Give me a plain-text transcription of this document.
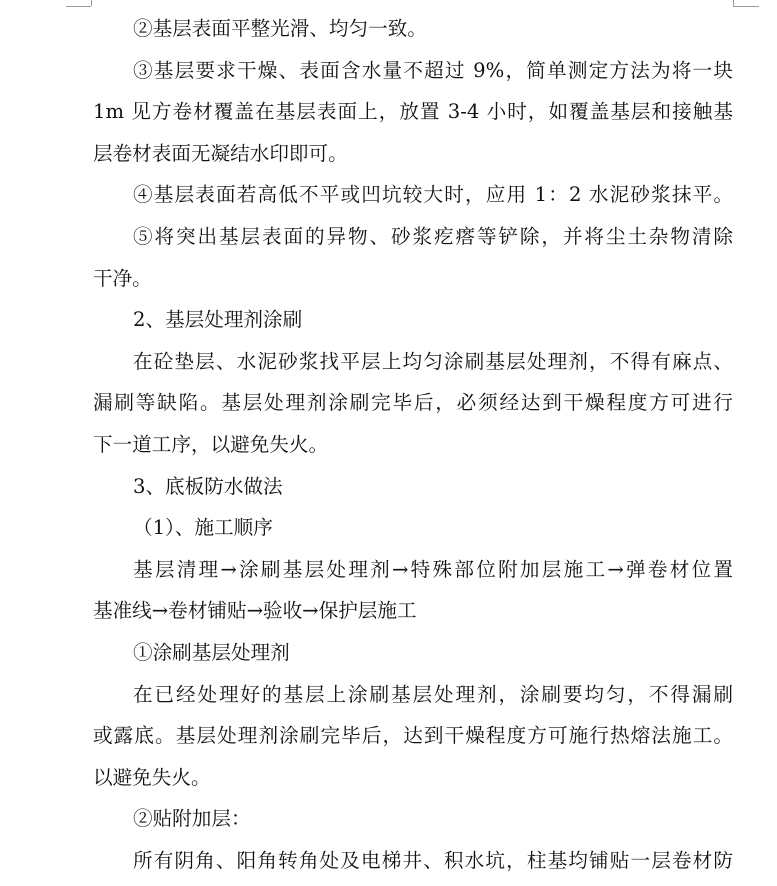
②基层表面平整光滑、均匀一致。
③基层要求干燥、表面含水量不超过 9%，简单测定方法为将一块
1m 见方卷材覆盖在基层表面上，放置 3-4 小时，如覆盖基层和接触基
层卷材表面无凝结水印即可。
④基层表面若高低不平或凹坑较大时，应用 1：2 水泥砂浆抹平。
⑤将突出基层表面的异物、砂浆疙瘩等铲除，并将尘土杂物清除
干净。
2、基层处理剂涂刷
在砼垫层、水泥砂浆找平层上均匀涂刷基层处理剂，不得有麻点、
漏刷等缺陷。基层处理剂涂刷完毕后，必须经达到干燥程度方可进行
下一道工序，以避免失火。
3、底板防水做法
（1）、施工顺序
基层清理→涂刷基层处理剂→特殊部位附加层施工→弹卷材位置
基准线→卷材铺贴→验收→保护层施工
①涂刷基层处理剂
在已经处理好的基层上涂刷基层处理剂，涂刷要均匀，不得漏刷
或露底。基层处理剂涂刷完毕后，达到干燥程度方可施行热熔法施工。
以避免失火。
②贴附加层：
所有阴角、阳角转角处及电梯井、积水坑，柱基均铺贴一层卷材防
